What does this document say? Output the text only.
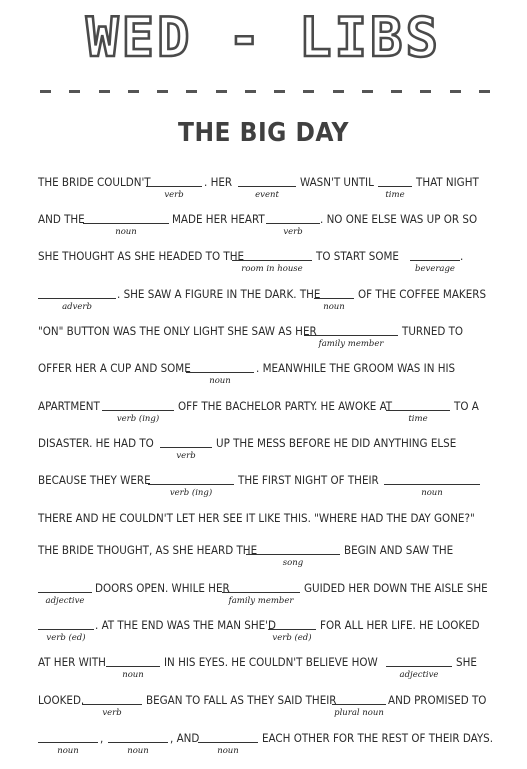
WED - LIBS
THE BIG DAY
THE BRIDE COULDN'T	. HER	WASN'T UNTIL	THAT NIGHT
verb	event	time
AND THE	MADE HER HEART	. NO ONE ELSE WAS UP OR SO
noun	verb
SHE THOUGHT AS SHE HEADED TO THE	TO START SOME	.
room in house	beverage
. SHE SAW A FIGURE IN THE DARK. THE	OF THE COFFEE MAKERS
adverb	noun
"ON" BUTTON WAS THE ONLY LIGHT SHE SAW AS HER	TURNED TO
family member
OFFER HER A CUP AND SOME	. MEANWHILE THE GROOM WAS IN HIS
noun
APARTMENT	OFF THE BACHELOR PARTY. HE AWOKE AT	TO A
verb (ing)	time
DISASTER. HE HAD TO	UP THE MESS BEFORE HE DID ANYTHING ELSE
verb
BECAUSE THEY WERE	THE FIRST NIGHT OF THEIR
verb (ing)	noun
THERE AND HE COULDN'T LET HER SEE IT LIKE THIS. "WHERE HAD THE DAY GONE?"
THE BRIDE THOUGHT, AS SHE HEARD THE	BEGIN AND SAW THE
song
DOORS OPEN. WHILE HER	GUIDED HER DOWN THE AISLE SHE
adjective	family member
. AT THE END WAS THE MAN SHE'D	FOR ALL HER LIFE. HE LOOKED
verb (ed)	verb (ed)
AT HER WITH	IN HIS EYES. HE COULDN'T BELIEVE HOW	SHE
noun	adjective
LOOKED.	BEGAN TO FALL AS THEY SAID THEIR	AND PROMISED TO
verb	plural noun
,	, AND	EACH OTHER FOR THE REST OF THEIR DAYS.
noun	noun	noun
